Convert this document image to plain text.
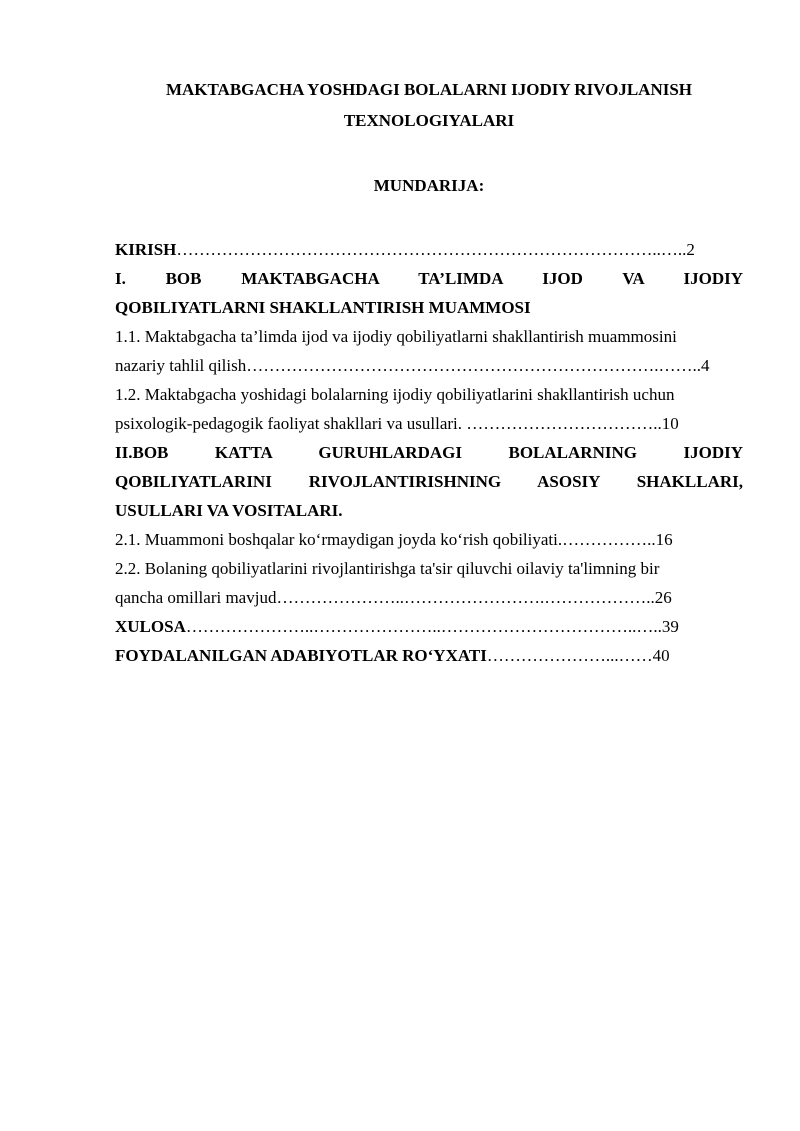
MAKTABGACHA YOSHDAGI BOLALARNI IJODIY RIVOJLANISH
TEXNOLOGIYALARI
MUNDARIJA:
KIRISH…………………………………………………………………………..…..2
I. BOB MAKTABGACHA TA’LIMDA IJOD VA IJODIY
QOBILIYATLARNI SHAKLLANTIRISH MUAMMOSI
1.1. Maktabgacha ta’limda ijod va ijodiy qobiliyatlarni shakllantirish muammosini
nazariy tahlil qilish……………………………………………………………….……..4
1.2. Maktabgacha yoshidagi bolalarning ijodiy qobiliyatlarini shakllantirish uchun
psixologik-pedagogik faoliyat shakllari va usullari. ……………………………..10
II.BOB KATTA GURUHLARDAGI BOLALARNING IJODIY
QOBILIYATLARINI RIVOJLANTIRISHNING ASOSIY SHAKLLARI,
USULLARI VA VOSITALARI.
2.1. Muammoni boshqalar ko‘rmaydigan joyda ko‘rish qobiliyati.……………..16
2.2. Bolaning qobiliyatlarini rivojlantirishga ta'sir qiluvchi oilaviy ta'limning bir
qancha omillari mavjud…………………..…………………….………………..26
XULOSA…………………..…………………..……………………………..…..39
FOYDALANILGAN ADABIYOTLAR RO‘YXATI…………………...……40
